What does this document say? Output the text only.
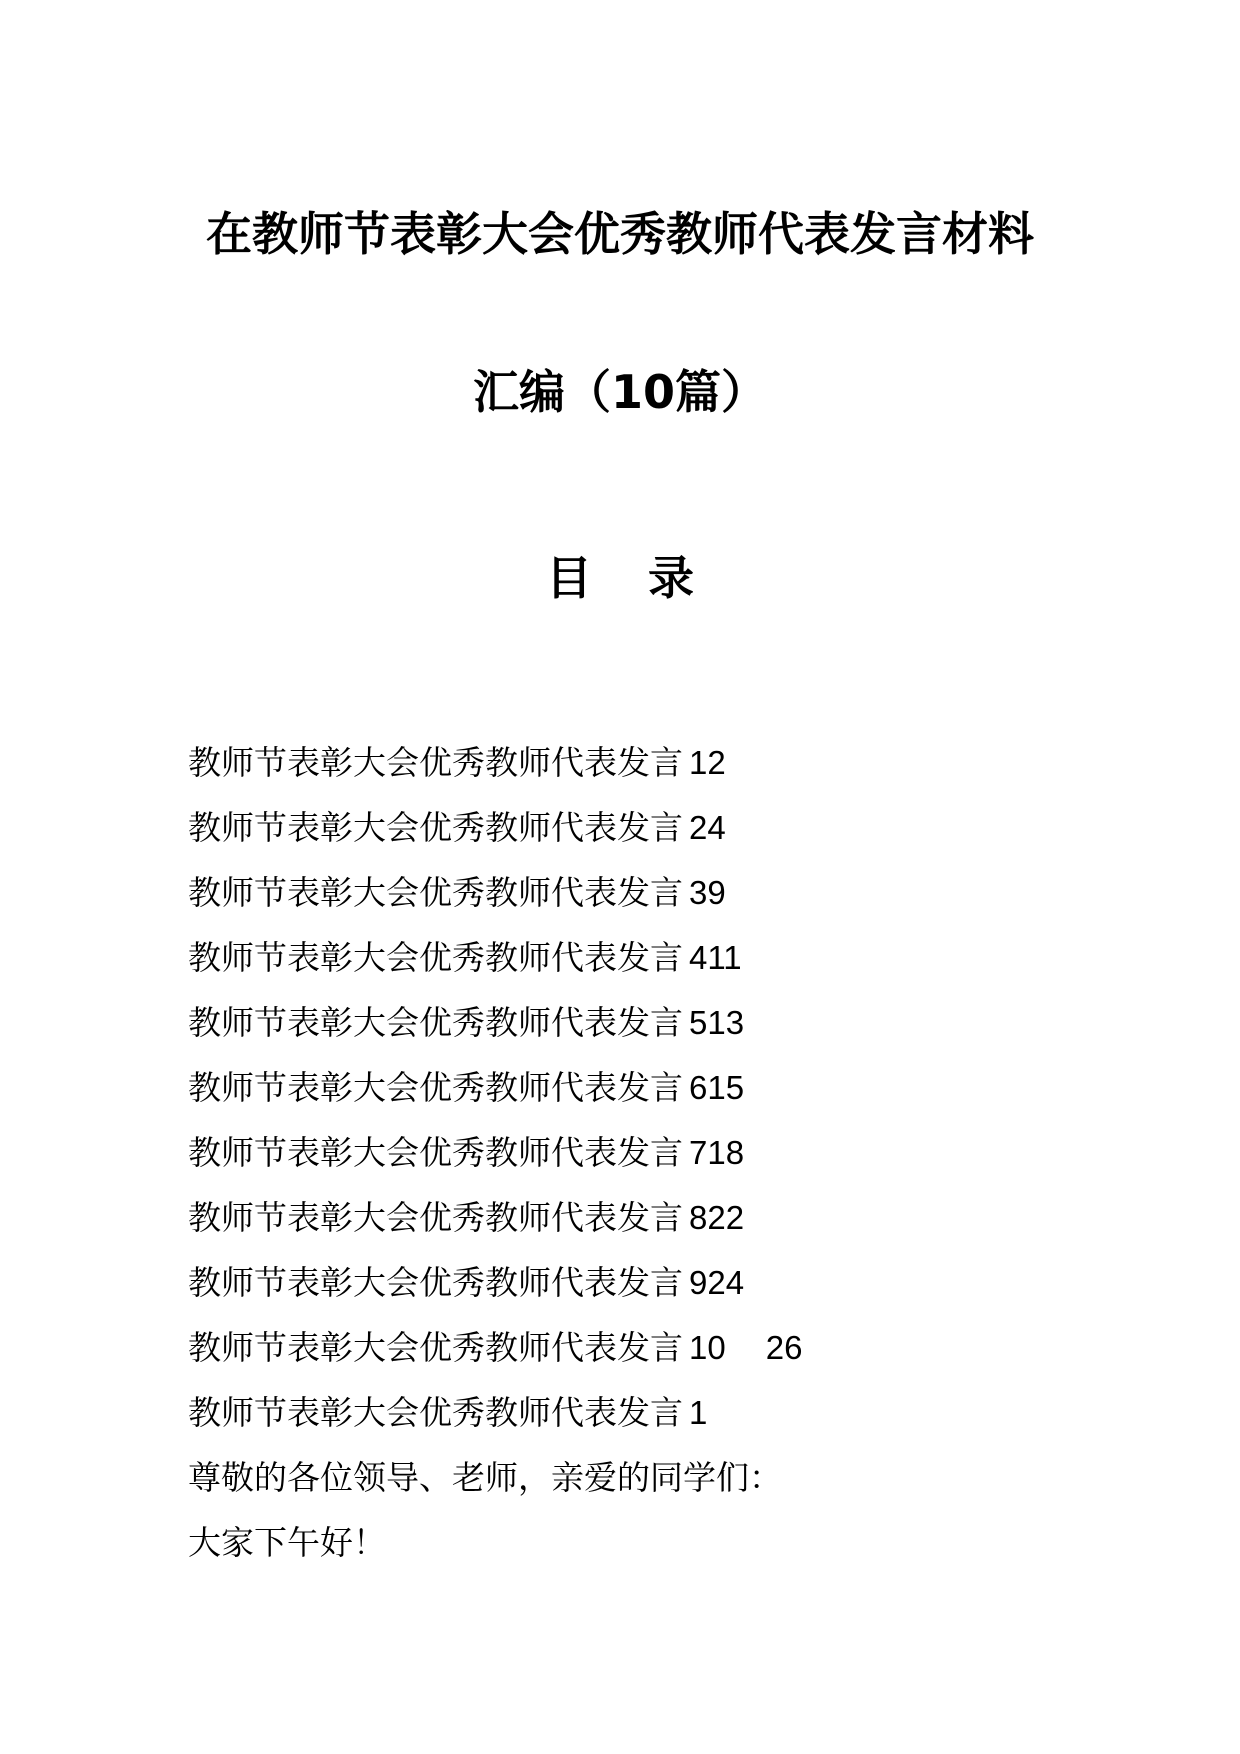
在教师节表彰大会优秀教师代表发言材料
汇编（10篇）
目 录
教师节表彰大会优秀教师代表发言 12
教师节表彰大会优秀教师代表发言 24
教师节表彰大会优秀教师代表发言 39
教师节表彰大会优秀教师代表发言 411
教师节表彰大会优秀教师代表发言 513
教师节表彰大会优秀教师代表发言 615
教师节表彰大会优秀教师代表发言 718
教师节表彰大会优秀教师代表发言 822
教师节表彰大会优秀教师代表发言 924
教师节表彰大会优秀教师代表发言 10 26
教师节表彰大会优秀教师代表发言 1
尊敬的各位领导、老师，亲爱的同学们：
大家下午好！
